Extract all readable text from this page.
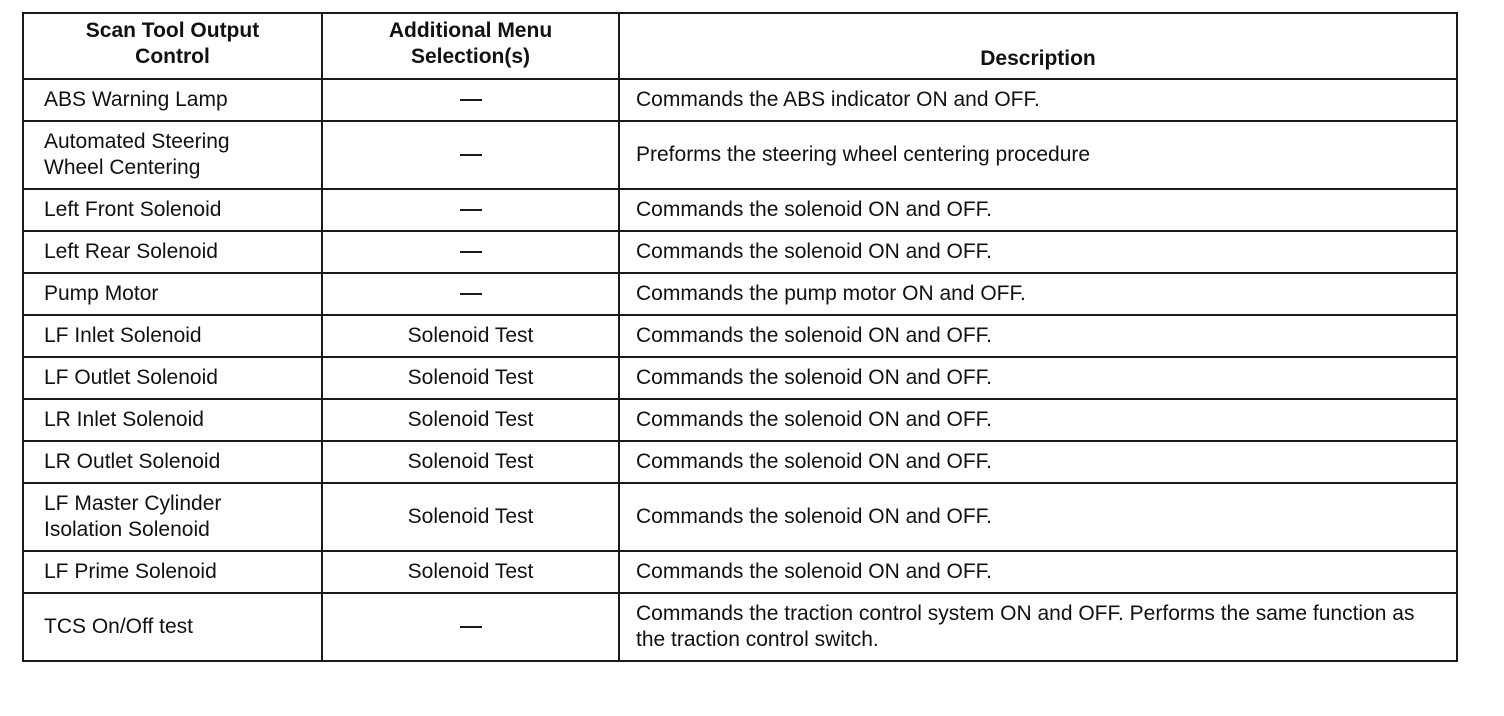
Scan Tool Output Control	Additional Menu Selection(s)	Description
ABS Warning Lamp		Commands the ABS indicator ON and OFF.
Automated Steering Wheel Centering		Preforms the steering wheel centering procedure
Left Front Solenoid		Commands the solenoid ON and OFF.
Left Rear Solenoid		Commands the solenoid ON and OFF.
Pump Motor		Commands the pump motor ON and OFF.
LF Inlet Solenoid	Solenoid Test	Commands the solenoid ON and OFF.
LF Outlet Solenoid	Solenoid Test	Commands the solenoid ON and OFF.
LR Inlet Solenoid	Solenoid Test	Commands the solenoid ON and OFF.
LR Outlet Solenoid	Solenoid Test	Commands the solenoid ON and OFF.
LF Master Cylinder Isolation Solenoid	Solenoid Test	Commands the solenoid ON and OFF.
LF Prime Solenoid	Solenoid Test	Commands the solenoid ON and OFF.
TCS On/Off test		Commands the traction control system ON and OFF. Performs the same function as the traction control switch.
